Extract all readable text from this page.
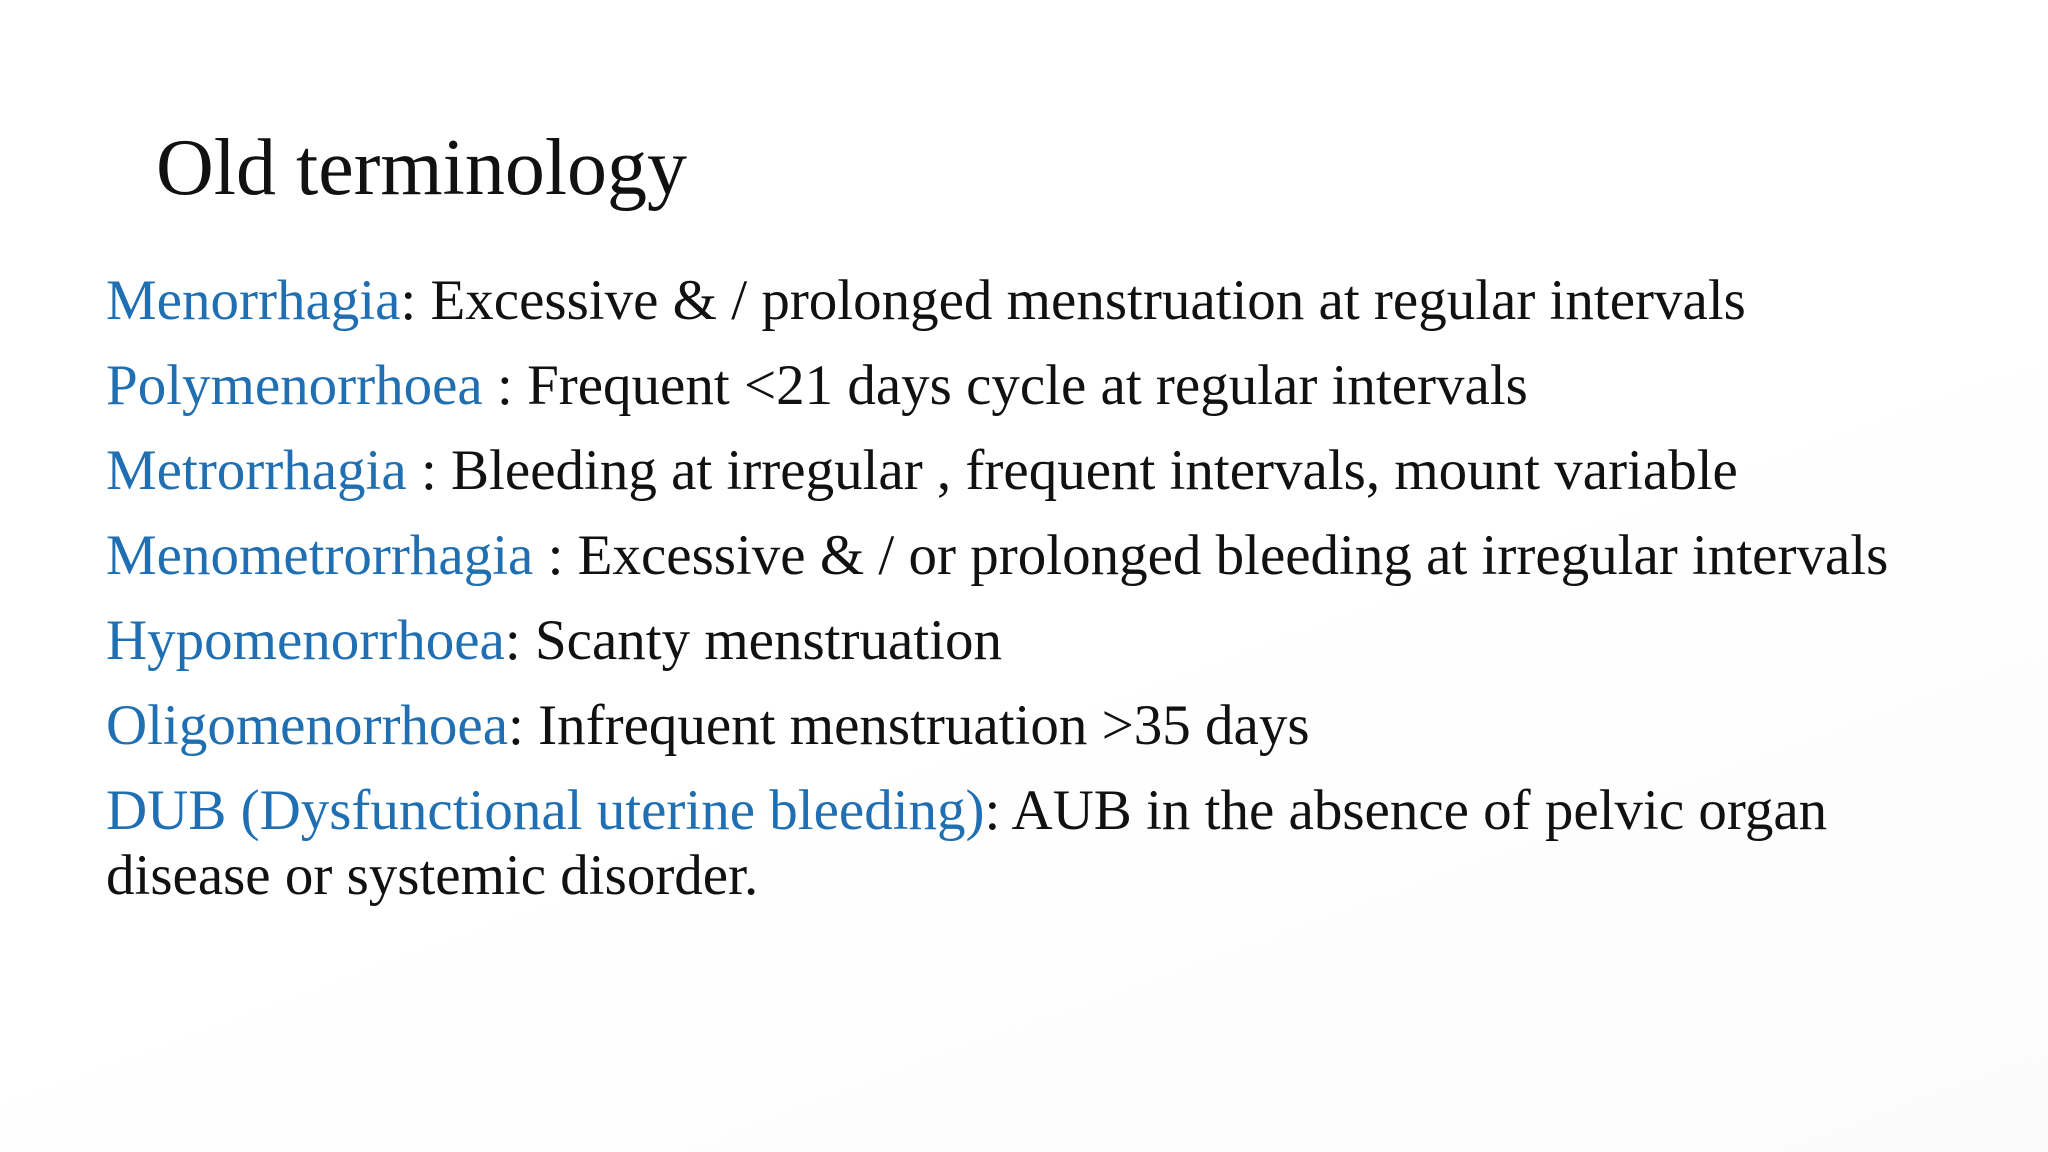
Old terminology

Menorrhagia: Excessive & / prolonged menstruation at regular intervals

Polymenorrhoea : Frequent <21 days cycle at regular intervals

Metrorrhagia : Bleeding at irregular , frequent intervals, mount variable

Menometrorrhagia : Excessive & / or prolonged bleeding at irregular intervals

Hypomenorrhoea: Scanty menstruation

Oligomenorrhoea: Infrequent menstruation >35 days

DUB (Dysfunctional uterine bleeding): AUB in the absence of pelvic organ disease or systemic disorder.
